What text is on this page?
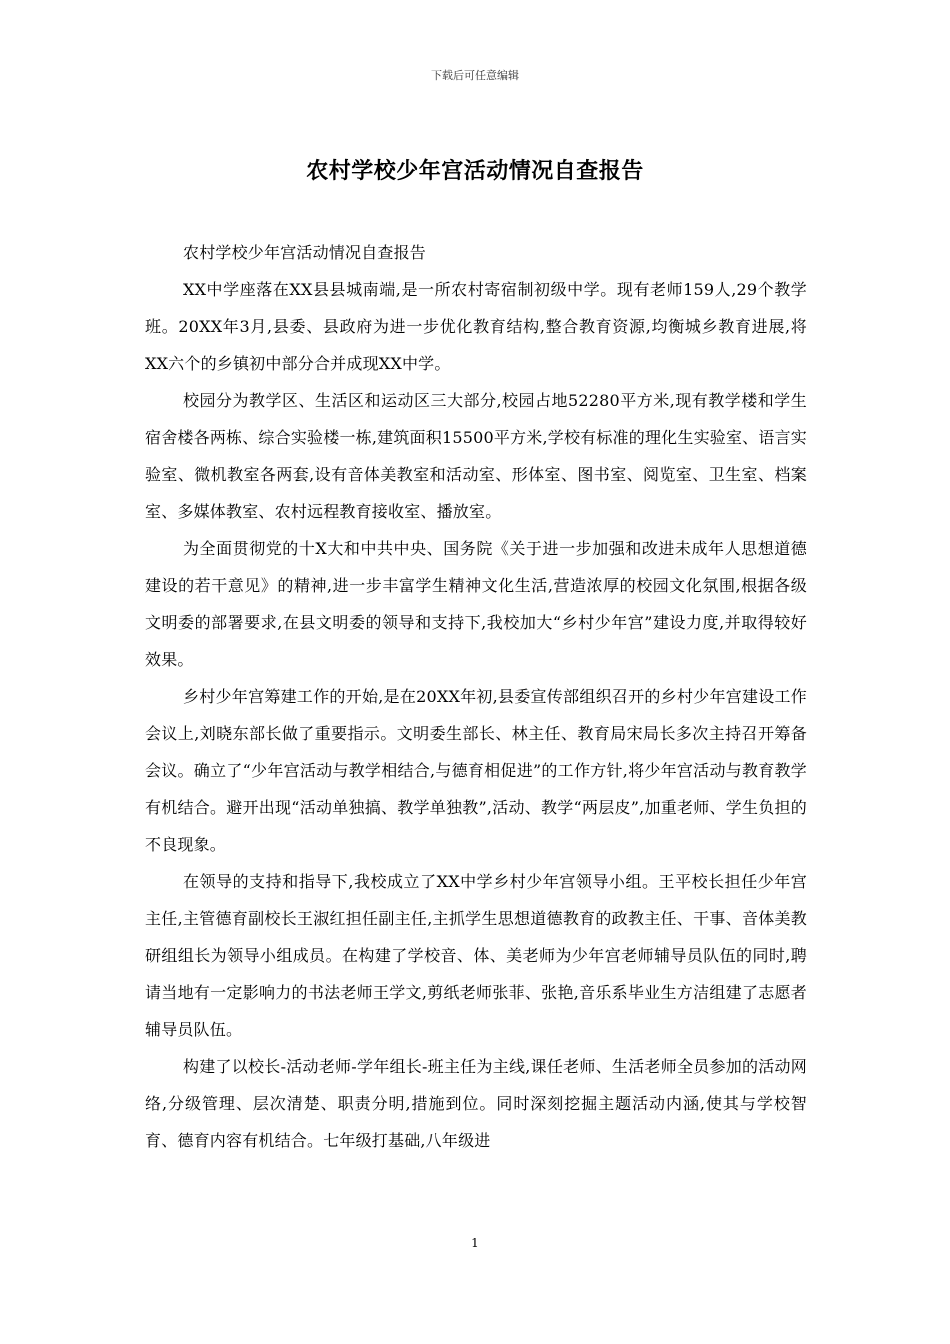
下载后可任意编辑
农村学校少年宫活动情况自查报告

农村学校少年宫活动情况自查报告

XX中学座落在XX县县城南端,是一所农村寄宿制初级中学。现有老师159人,29个教学班。20XX年3月,县委、县政府为进一步优化教育结构,整合教育资源,均衡城乡教育进展,将XX六个的乡镇初中部分合并成现XX中学。

校园分为教学区、生活区和运动区三大部分,校园占地52280平方米,现有教学楼和学生宿舍楼各两栋、综合实验楼一栋,建筑面积15500平方米,学校有标准的理化生实验室、语言实验室、微机教室各两套,设有音体美教室和活动室、形体室、图书室、阅览室、卫生室、档案室、多媒体教室、农村远程教育接收室、播放室。

为全面贯彻党的十X大和中共中央、国务院《关于进一步加强和改进未成年人思想道德建设的若干意见》的精神,进一步丰富学生精神文化生活,营造浓厚的校园文化氛围,根据各级文明委的部署要求,在县文明委的领导和支持下,我校加大“乡村少年宫”建设力度,并取得较好效果。

乡村少年宫筹建工作的开始,是在20XX年初,县委宣传部组织召开的乡村少年宫建设工作会议上,刘晓东部长做了重要指示。文明委生部长、林主任、教育局宋局长多次主持召开筹备会议。确立了“少年宫活动与教学相结合,与德育相促进”的工作方针,将少年宫活动与教育教学有机结合。避开出现“活动单独搞、教学单独教”,活动、教学“两层皮”,加重老师、学生负担的不良现象。

在领导的支持和指导下,我校成立了XX中学乡村少年宫领导小组。王平校长担任少年宫主任,主管德育副校长王淑红担任副主任,主抓学生思想道德教育的政教主任、干事、音体美教研组组长为领导小组成员。在构建了学校音、体、美老师为少年宫老师辅导员队伍的同时,聘请当地有一定影响力的书法老师王学文,剪纸老师张菲、张艳,音乐系毕业生方洁组建了志愿者辅导员队伍。

构建了以校长-活动老师-学年组长-班主任为主线,课任老师、生活老师全员参加的活动网络,分级管理、层次清楚、职责分明,措施到位。同时深刻挖掘主题活动内涵,使其与学校智育、德育内容有机结合。七年级打基础,八年级进

1
